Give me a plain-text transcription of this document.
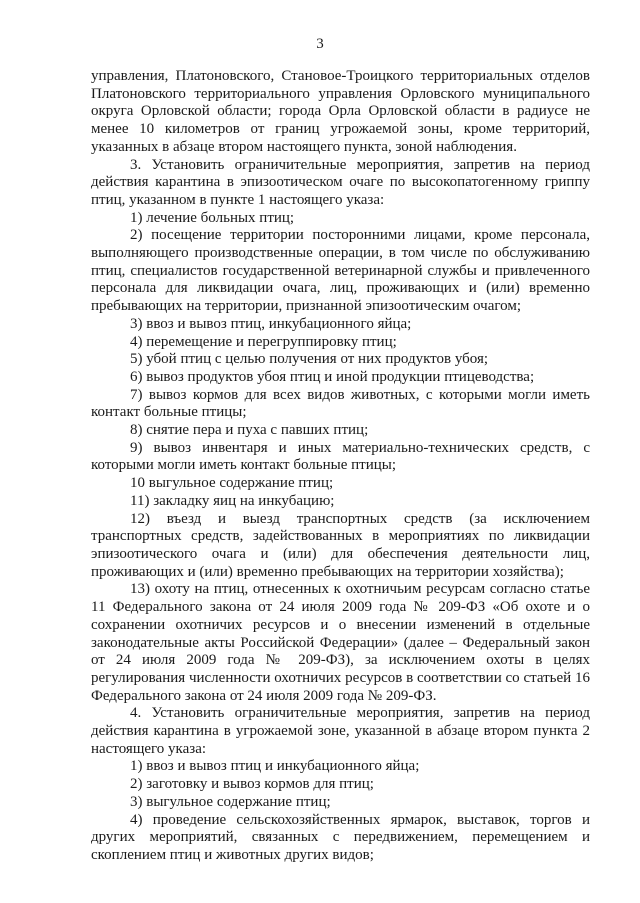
3

управления, Платоновского, Становое-Троицкого территориальных отделов Платоновского территориального управления Орловского муниципального округа Орловской области; города Орла Орловской области в радиусе не менее 10 километров от границ угрожаемой зоны, кроме территорий, указанных в абзаце втором настоящего пункта, зоной наблюдения.

3. Установить ограничительные мероприятия, запретив на период действия карантина в эпизоотическом очаге по высокопатогенному гриппу птиц, указанном в пункте 1 настоящего указа:

1) лечение больных птиц;

2) посещение территории посторонними лицами, кроме персонала, выполняющего производственные операции, в том числе по обслуживанию птиц, специалистов государственной ветеринарной службы и привлеченного персонала для ликвидации очага, лиц, проживающих и (или) временно пребывающих на территории, признанной эпизоотическим очагом;

3) ввоз и вывоз птиц, инкубационного яйца;

4) перемещение и перегруппировку птиц;

5) убой птиц с целью получения от них продуктов убоя;

6) вывоз продуктов убоя птиц и иной продукции птицеводства;

7) вывоз кормов для всех видов животных, с которыми могли иметь контакт больные птицы;

8) снятие пера и пуха с павших птиц;

9) вывоз инвентаря и иных материально-технических средств, с которыми могли иметь контакт больные птицы;

10 выгульное содержание птиц;

11) закладку яиц на инкубацию;

12) въезд и выезд транспортных средств (за исключением транспортных средств, задействованных в мероприятиях по ликвидации эпизоотического очага и (или) для обеспечения деятельности лиц, проживающих и (или) временно пребывающих на территории хозяйства);

13) охоту на птиц, отнесенных к охотничьим ресурсам согласно статье 11 Федерального закона от 24 июля 2009 года № 209-ФЗ «Об охоте и о сохранении охотничих ресурсов и о внесении изменений в отдельные законодательные акты Российской Федерации» (далее – Федеральный закон от 24 июля 2009 года № 209-ФЗ), за исключением охоты в целях регулирования численности охотничих ресурсов в соответствии со статьей 16 Федерального закона от 24 июля 2009 года № 209-ФЗ.

4. Установить ограничительные мероприятия, запретив на период действия карантина в угрожаемой зоне, указанной в абзаце втором пункта 2 настоящего указа:

1) ввоз и вывоз птиц и инкубационного яйца;

2) заготовку и вывоз кормов для птиц;

3) выгульное содержание птиц;

4) проведение сельскохозяйственных ярмарок, выставок, торгов и других мероприятий, связанных с передвижением, перемещением и скоплением птиц и животных других видов;
